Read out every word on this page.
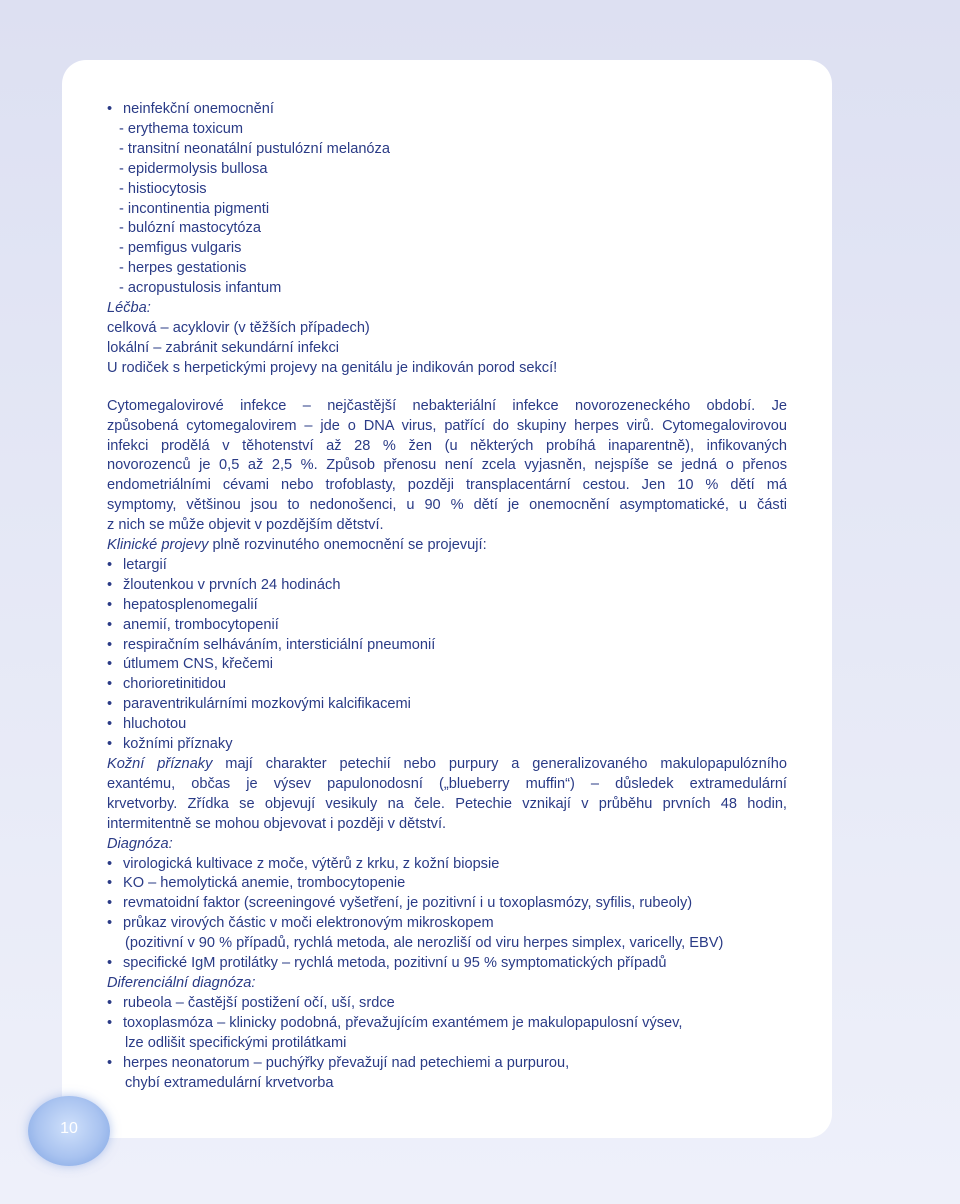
• neinfekční onemocnění
- erythema toxicum
- transitní neonatální pustulózní melanóza
- epidermolysis bullosa
- histiocytosis
- incontinentia pigmenti
- bulózní mastocytóza
- pemfigus vulgaris
- herpes gestationis
- acropustulosis infantum
Léčba:
celková – acyklovir (v těžších případech)
lokální – zabránit sekundární infekci
U rodiček s herpetickými projevy na genitálu je indikován porod sekcí!
Cytomegalovirové infekce – nejčastější nebakteriální infekce novorozeneckého období. Je
způsobená cytomegalovirem – jde o DNA virus, patřící do skupiny herpes virů. Cytomegalovirovou
infekci prodělá v těhotenství až 28 % žen (u některých probíhá inaparentně), infikovaných
novorozenců je 0,5 až 2,5 %. Způsob přenosu není zcela vyjasněn, nejspíše se jedná o přenos
endometriálními cévami nebo trofoblasty, později transplacentární cestou. Jen 10 % dětí má
symptomy, většinou jsou to nedonošenci, u 90 % dětí je onemocnění asymptomatické, u části
z nich se může objevit v pozdějším dětství.
Klinické projevy plně rozvinutého onemocnění se projevují:
• letargií
• žloutenkou v prvních 24 hodinách
• hepatosplenomegalií
• anemií, trombocytopenií
• respiračním selháváním, intersticiální pneumonií
• útlumem CNS, křečemi
• chorioretinitidou
• paraventrikulárními mozkovými kalcifikacemi
• hluchotou
• kožními příznaky
Kožní příznaky mají charakter petechií nebo purpury a generalizovaného makulopapulózního
exantému, občas je výsev papulonodosní („blueberry muffin“) – důsledek extramedulární
krvetvorby. Zřídka se objevují vesikuly na čele. Petechie vznikají v průběhu prvních 48 hodin,
intermitentně se mohou objevovat i později v dětství.
Diagnóza:
• virologická kultivace z moče, výtěrů z krku, z kožní biopsie
• KO – hemolytická anemie, trombocytopenie
• revmatoidní faktor (screeningové vyšetření, je pozitivní i u toxoplasmózy, syfilis, rubeoly)
• průkaz virových částic v moči elektronovým mikroskopem
(pozitivní v 90 % případů, rychlá metoda, ale nerozliší od viru herpes simplex, varicelly, EBV)
• specifické IgM protilátky – rychlá metoda, pozitivní u 95 % symptomatických případů
Diferenciální diagnóza:
• rubeola – častější postižení očí, uší, srdce
• toxoplasmóza – klinicky podobná, převažujícím exantémem je makulopapulosní výsev,
lze odlišit specifickými protilátkami
• herpes neonatorum – puchýřky převažují nad petechiemi a purpurou,
chybí extramedulární krvetvorba
10
